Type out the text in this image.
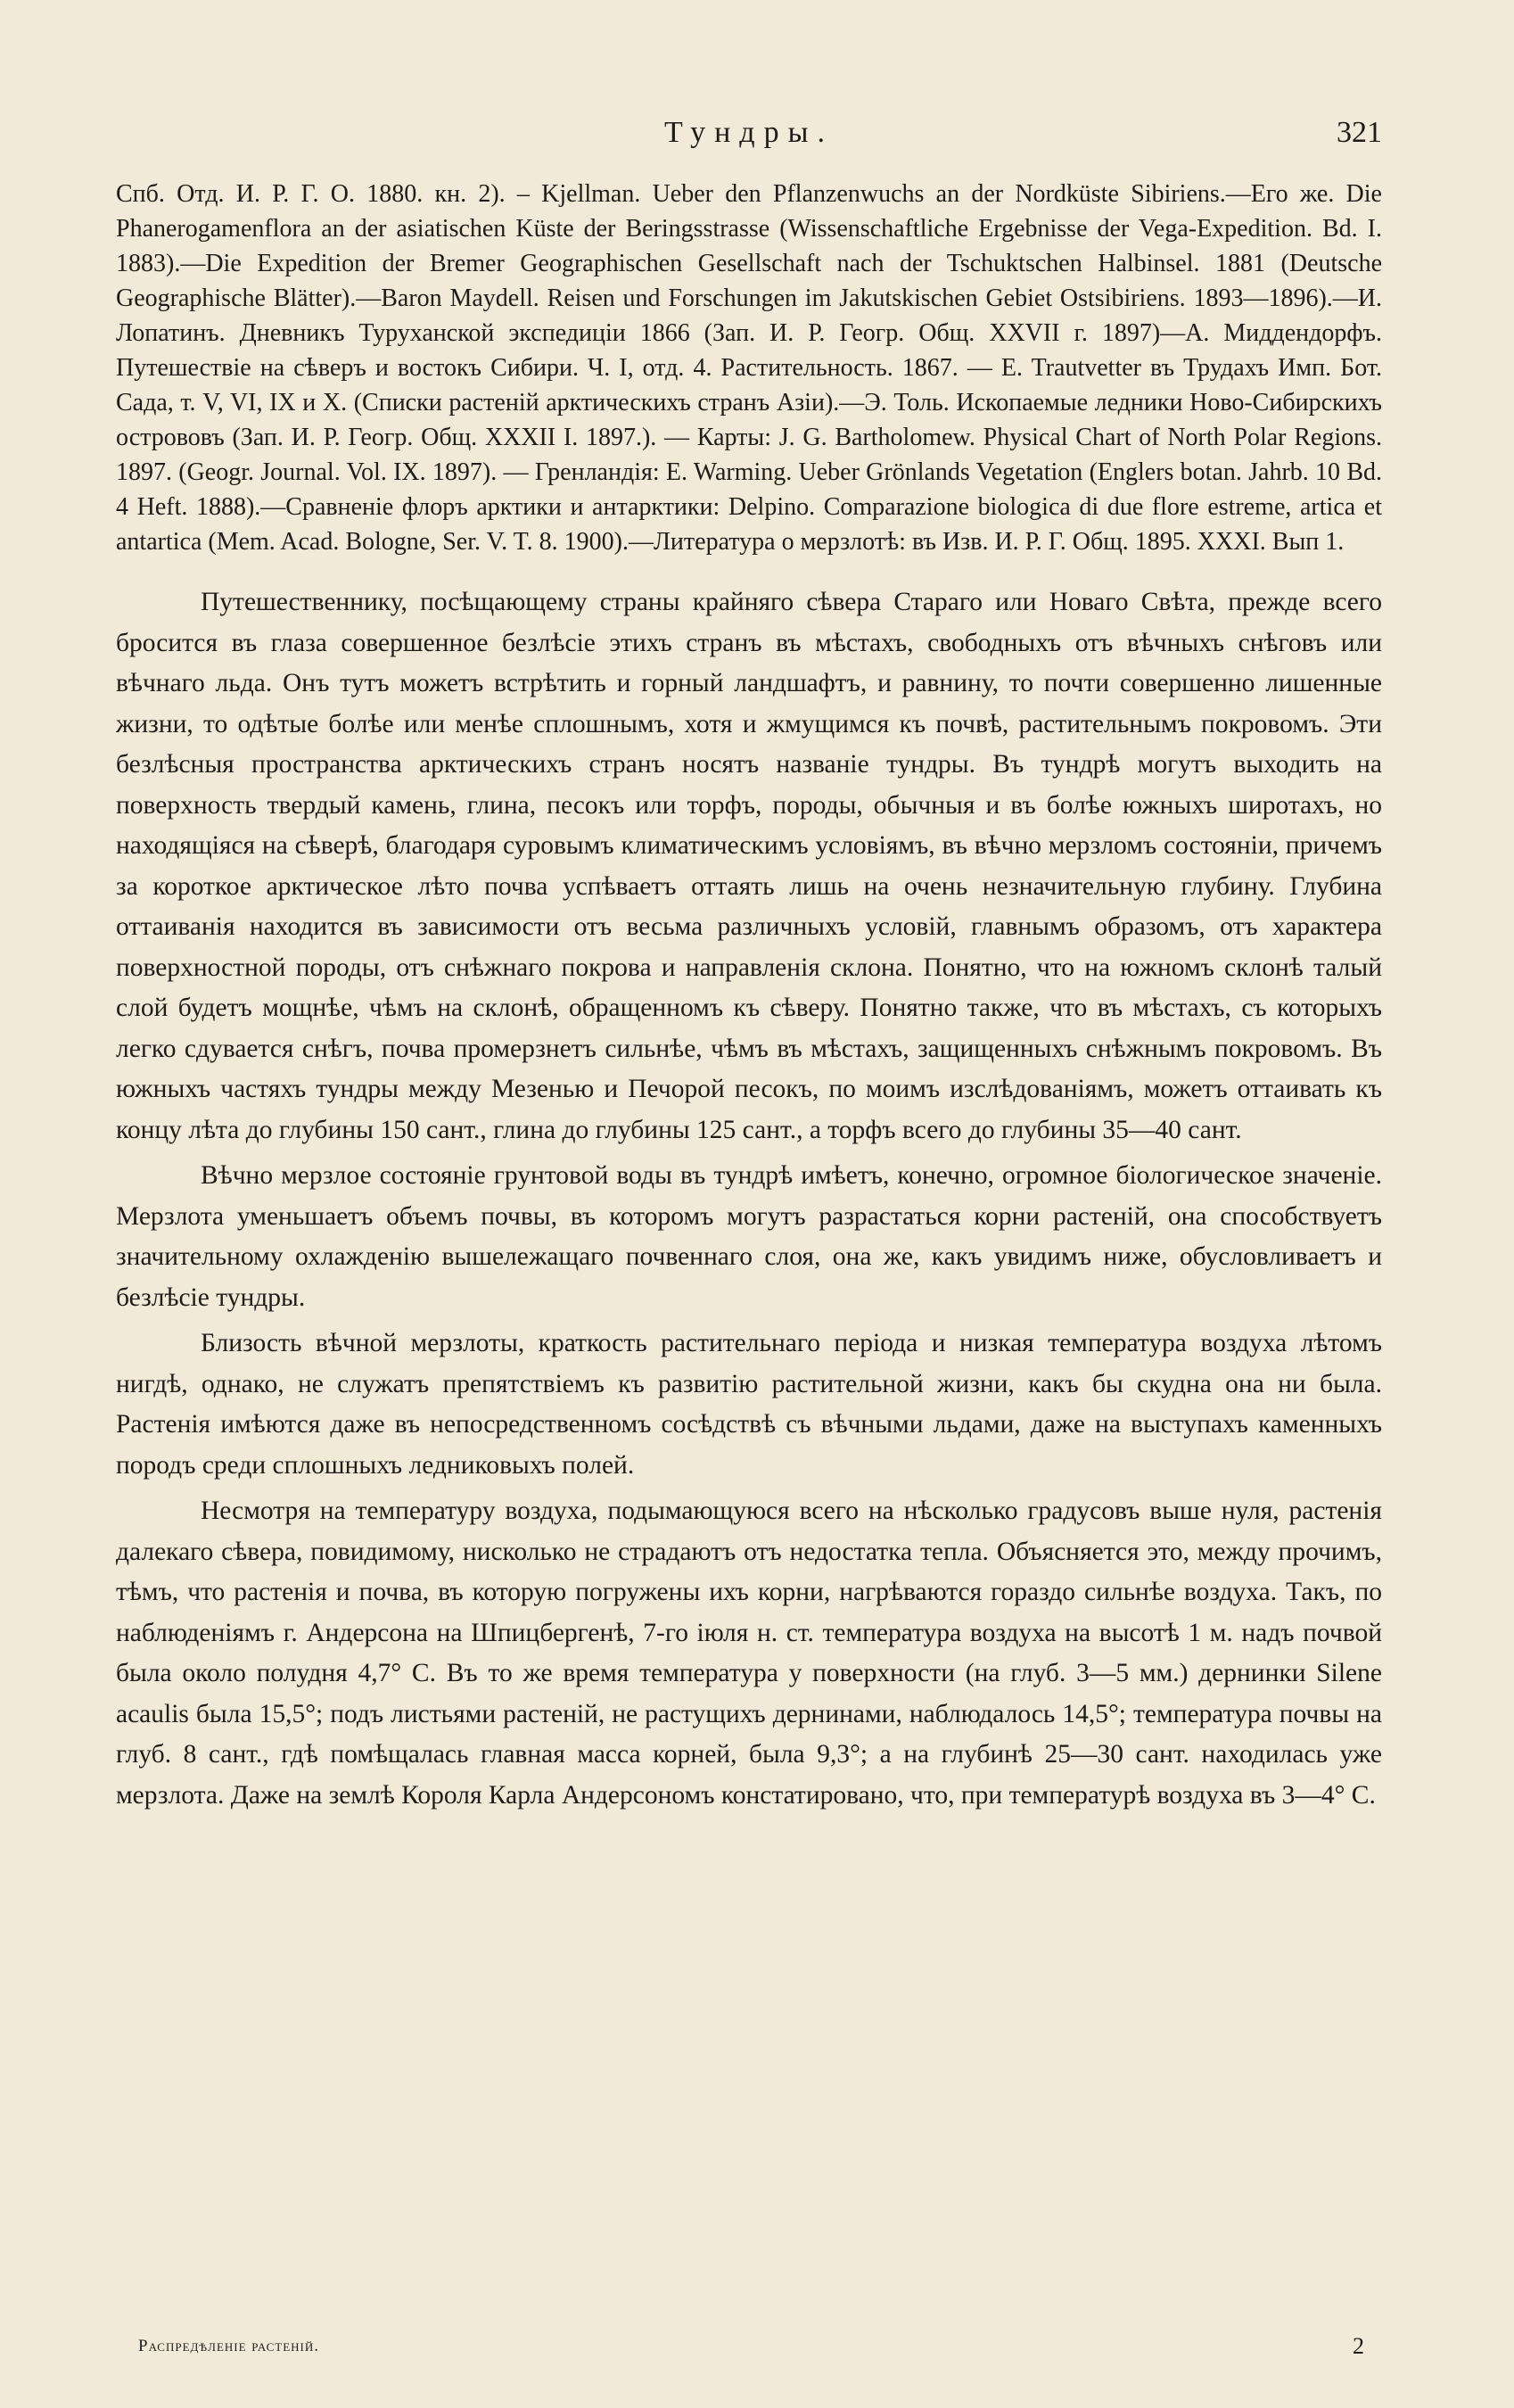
Тундры.	321
Спб. Отд. И. Р. Г. О. 1880. кн. 2). – Kjellman. Ueber den Pflanzenwuchs an der Nordküste Sibiriens.—Его же. Die Phanerogamenflora an der asiatischen Küste der Beringsstrasse (Wissenschaftliche Ergebnisse der Vega-Expedition. Bd. I. 1883).—Die Expedition der Bremer Geographischen Gesellschaft nach der Tschuktschen Halbinsel. 1881 (Deutsche Geographische Blätter).—Baron Maydell. Reisen und Forschungen im Jakutskischen Gebiet Ostsibiriens. 1893—1896).—И. Лопатинъ. Дневникъ Туруханской экспедиціи 1866 (Зап. И. Р. Геогр. Общ. XXVII г. 1897)—А. Миддендорфъ. Путешествіе на сѣверъ и востокъ Сибири. Ч. I, отд. 4. Растительность. 1867. — E. Trautvetter въ Трудахъ Имп. Бот. Сада, т. V, VI, IX и X. (Списки растеній арктическихъ странъ Азіи).—Э. Толь. Ископаемые ледники Ново-Сибирскихъ острововъ (Зап. И. Р. Геогр. Общ. XXXII I. 1897.). — Карты: J. G. Bartholomew. Physical Chart of North Polar Regions. 1897. (Geogr. Journal. Vol. IX. 1897). — Гренландія: E. Warming. Ueber Grönlands Vegetation (Englers botan. Jahrb. 10 Bd. 4 Heft. 1888).—Сравненіе флоръ арктики и антарктики: Delpino. Comparazione biologica di due flore estreme, artica et antartica (Mem. Acad. Bologne, Ser. V. T. 8. 1900).—Литература о мерзлотѣ: въ Изв. И. Р. Г. Общ. 1895. XXXI. Вып 1.

Путешественнику, посѣщающему страны крайняго сѣвера Стараго или Новаго Свѣта, прежде всего бросится въ глаза совершенное безлѣсіе этихъ странъ въ мѣстахъ, свободныхъ отъ вѣчныхъ снѣговъ или вѣчнаго льда. Онъ тутъ можетъ встрѣтить и горный ландшафтъ, и равнину, то почти совершенно лишенные жизни, то одѣтые болѣе или менѣе сплошнымъ, хотя и жмущимся къ почвѣ, растительнымъ покровомъ. Эти безлѣсныя пространства арктическихъ странъ носятъ названіе тундры. Въ тундрѣ могутъ выходить на поверхность твердый камень, глина, песокъ или торфъ, породы, обычныя и въ болѣе южныхъ широтахъ, но находящіяся на сѣверѣ, благодаря суровымъ климатическимъ условіямъ, въ вѣчно мерзломъ состояніи, причемъ за короткое арктическое лѣто почва успѣваетъ оттаять лишь на очень незначительную глубину. Глубина оттаиванія находится въ зависимости отъ весьма различныхъ условій, главнымъ образомъ, отъ характера поверхностной породы, отъ снѣжнаго покрова и направленія склона. Понятно, что на южномъ склонѣ талый слой будетъ мощнѣе, чѣмъ на склонѣ, обращенномъ къ сѣверу. Понятно также, что въ мѣстахъ, съ которыхъ легко сдувается снѣгъ, почва промерзнетъ сильнѣе, чѣмъ въ мѣстахъ, защищенныхъ снѣжнымъ покровомъ. Въ южныхъ частяхъ тундры между Мезенью и Печорой песокъ, по моимъ изслѣдованіямъ, можетъ оттаивать къ концу лѣта до глубины 150 сант., глина до глубины 125 сант., а торфъ всего до глубины 35—40 сант.

Вѣчно мерзлое состояніе грунтовой воды въ тундрѣ имѣетъ, конечно, огромное біологическое значеніе. Мерзлота уменьшаетъ объемъ почвы, въ которомъ могутъ разрастаться корни растеній, она способствуетъ значительному охлажденію вышележащаго почвеннаго слоя, она же, какъ увидимъ ниже, обусловливаетъ и безлѣсіе тундры.

Близость вѣчной мерзлоты, краткость растительнаго періода и низкая температура воздуха лѣтомъ нигдѣ, однако, не служатъ препятствіемъ къ развитію растительной жизни, какъ бы скудна она ни была. Растенія имѣются даже въ непосредственномъ сосѣдствѣ съ вѣчными льдами, даже на выступахъ каменныхъ породъ среди сплошныхъ ледниковыхъ полей.

Несмотря на температуру воздуха, подымающуюся всего на нѣсколько градусовъ выше нуля, растенія далекаго сѣвера, повидимому, нисколько не страдаютъ отъ недостатка тепла. Объясняется это, между прочимъ, тѣмъ, что растенія и почва, въ которую погружены ихъ корни, нагрѣваются гораздо сильнѣе воздуха. Такъ, по наблюденіямъ г. Андерсона на Шпицбергенѣ, 7-го іюля н. ст. температура воздуха на высотѣ 1 м. надъ почвой была около полудня 4,7° С. Въ то же время температура у поверхности (на глуб. 3—5 мм.) дернинки Silene acaulis была 15,5°; подъ листьями растеній, не растущихъ дернинами, наблюдалось 14,5°; температура почвы на глуб. 8 сант., гдѣ помѣщалась главная масса корней, была 9,3°; а на глубинѣ 25—30 сант. находилась уже мерзлота. Даже на землѣ Короля Карла Андерсономъ констатировано, что, при температурѣ воздуха въ 3—4° С.

Распредѣленіе растеній.	2
